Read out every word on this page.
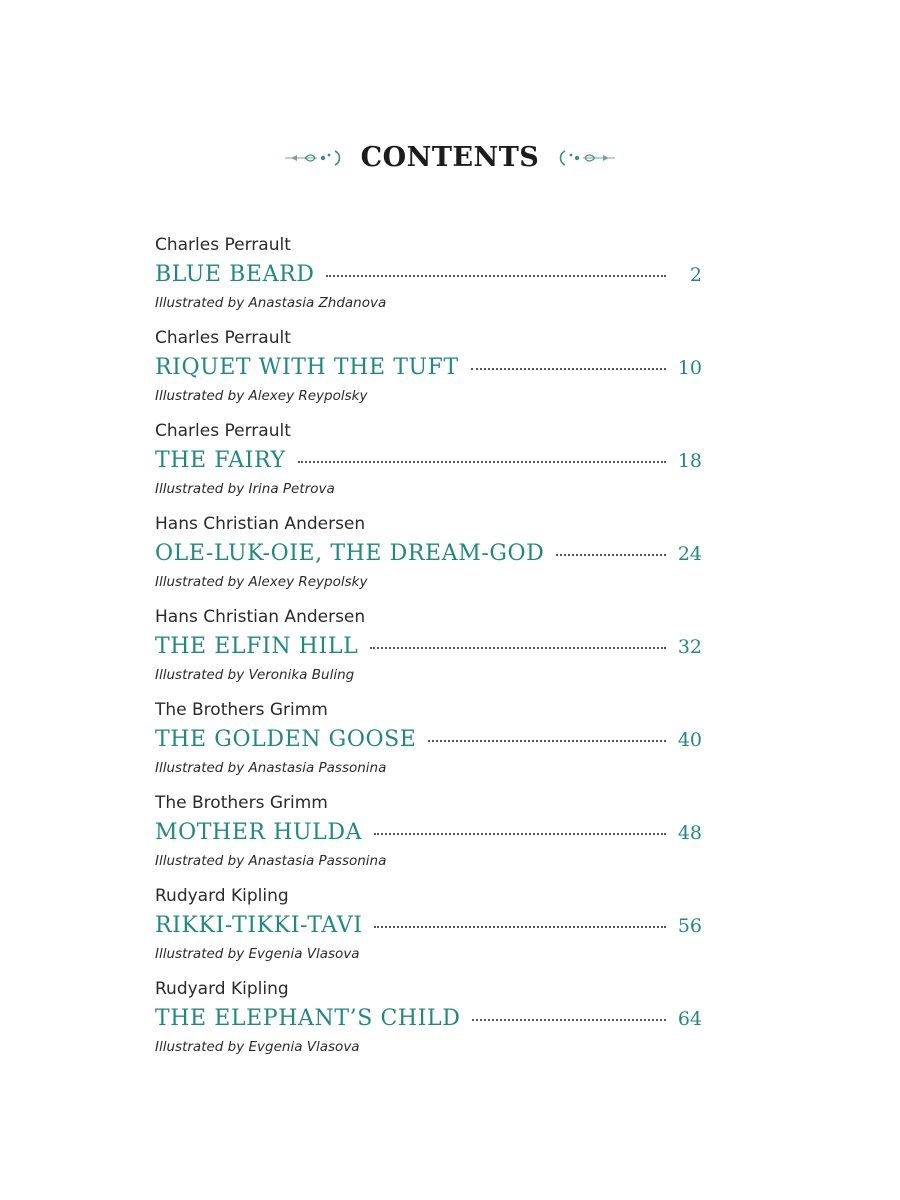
CONTENTS
Charles Perrault
BLUE BEARD	2
Illustrated by Anastasia Zhdanova
Charles Perrault
RIQUET WITH THE TUFT	10
Illustrated by Alexey Reypolsky
Charles Perrault
THE FAIRY	18
Illustrated by Irina Petrova
Hans Christian Andersen
OLE-LUK-OIE, THE DREAM-GOD	24
Illustrated by Alexey Reypolsky
Hans Christian Andersen
THE ELFIN HILL	32
Illustrated by Veronika Buling
The Brothers Grimm
THE GOLDEN GOOSE	40
Illustrated by Anastasia Passonina
The Brothers Grimm
MOTHER HULDA	48
Illustrated by Anastasia Passonina
Rudyard Kipling
RIKKI-TIKKI-TAVI	56
Illustrated by Evgenia Vlasova
Rudyard Kipling
THE ELEPHANT’S CHILD	64
Illustrated by Evgenia Vlasova
